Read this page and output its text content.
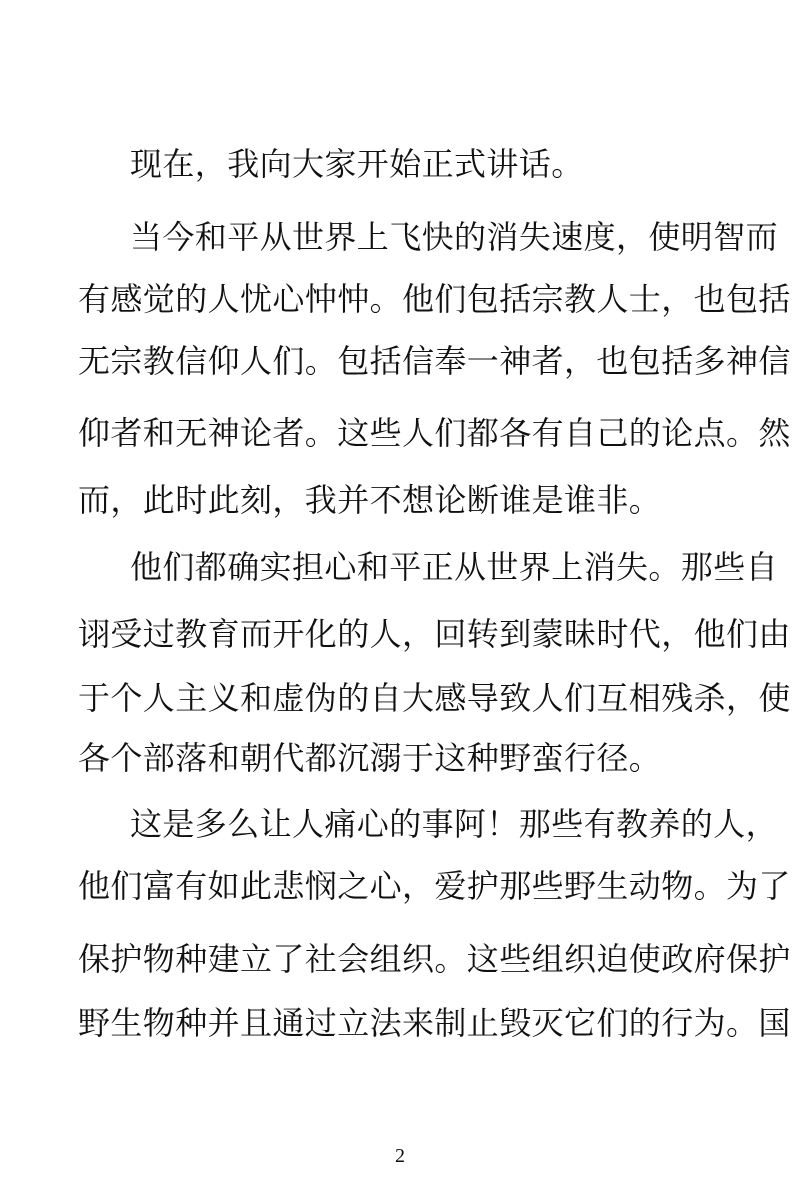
现在，我向大家开始正式讲话。
当今和平从世界上飞快的消失速度，使明智而
有感觉的人忧心忡忡。他们包括宗教人士，也包括
无宗教信仰人们。包括信奉一神者，也包括多神信
仰者和无神论者。这些人们都各有自己的论点。然
而，此时此刻，我并不想论断谁是谁非。
他们都确实担心和平正从世界上消失。那些自
诩受过教育而开化的人，回转到蒙昧时代，他们由
于个人主义和虚伪的自大感导致人们互相残杀，使
各个部落和朝代都沉溺于这种野蛮行径。
这是多么让人痛心的事阿！那些有教养的人，
他们富有如此悲悯之心，爱护那些野生动物。为了
保护物种建立了社会组织。这些组织迫使政府保护
野生物种并且通过立法来制止毁灭它们的行为。国
2
